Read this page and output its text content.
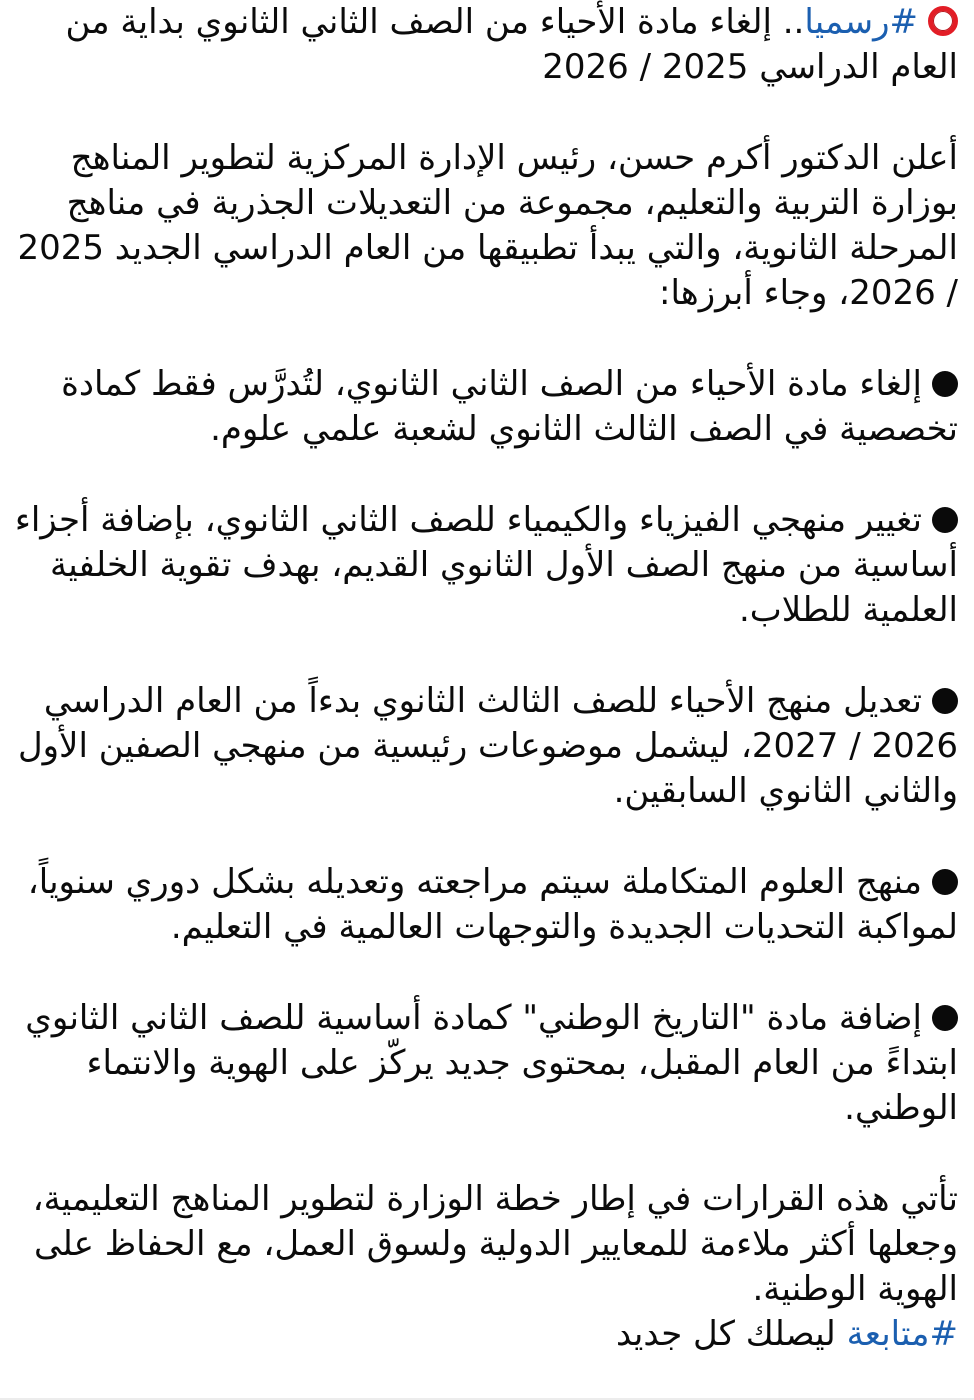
#رسميا.. إلغاء مادة الأحياء من الصف الثاني الثانوي بداية من العام الدراسي 2025 / 2026

أعلن الدكتور أكرم حسن، رئيس الإدارة المركزية لتطوير المناهج بوزارة التربية والتعليم، مجموعة من التعديلات الجذرية في مناهج المرحلة الثانوية، والتي يبدأ تطبيقها من العام الدراسي الجديد 2025 / 2026، وجاء أبرزها:

إلغاء مادة الأحياء من الصف الثاني الثانوي، لتُدرَّس فقط كمادة تخصصية في الصف الثالث الثانوي لشعبة علمي علوم.

تغيير منهجي الفيزياء والكيمياء للصف الثاني الثانوي، بإضافة أجزاء أساسية من منهج الصف الأول الثانوي القديم، بهدف تقوية الخلفية العلمية للطلاب.

تعديل منهج الأحياء للصف الثالث الثانوي بدءاً من العام الدراسي 2026 / 2027، ليشمل موضوعات رئيسية من منهجي الصفين الأول والثاني الثانوي السابقين.

منهج العلوم المتكاملة سيتم مراجعته وتعديله بشكل دوري سنوياً، لمواكبة التحديات الجديدة والتوجهات العالمية في التعليم.

إضافة مادة "التاريخ الوطني" كمادة أساسية للصف الثاني الثانوي ابتداءً من العام المقبل، بمحتوى جديد يركّز على الهوية والانتماء الوطني.

تأتي هذه القرارات في إطار خطة الوزارة لتطوير المناهج التعليمية، وجعلها أكثر ملاءمة للمعايير الدولية ولسوق العمل، مع الحفاظ على الهوية الوطنية.

#متابعة ليصلك كل جديد
